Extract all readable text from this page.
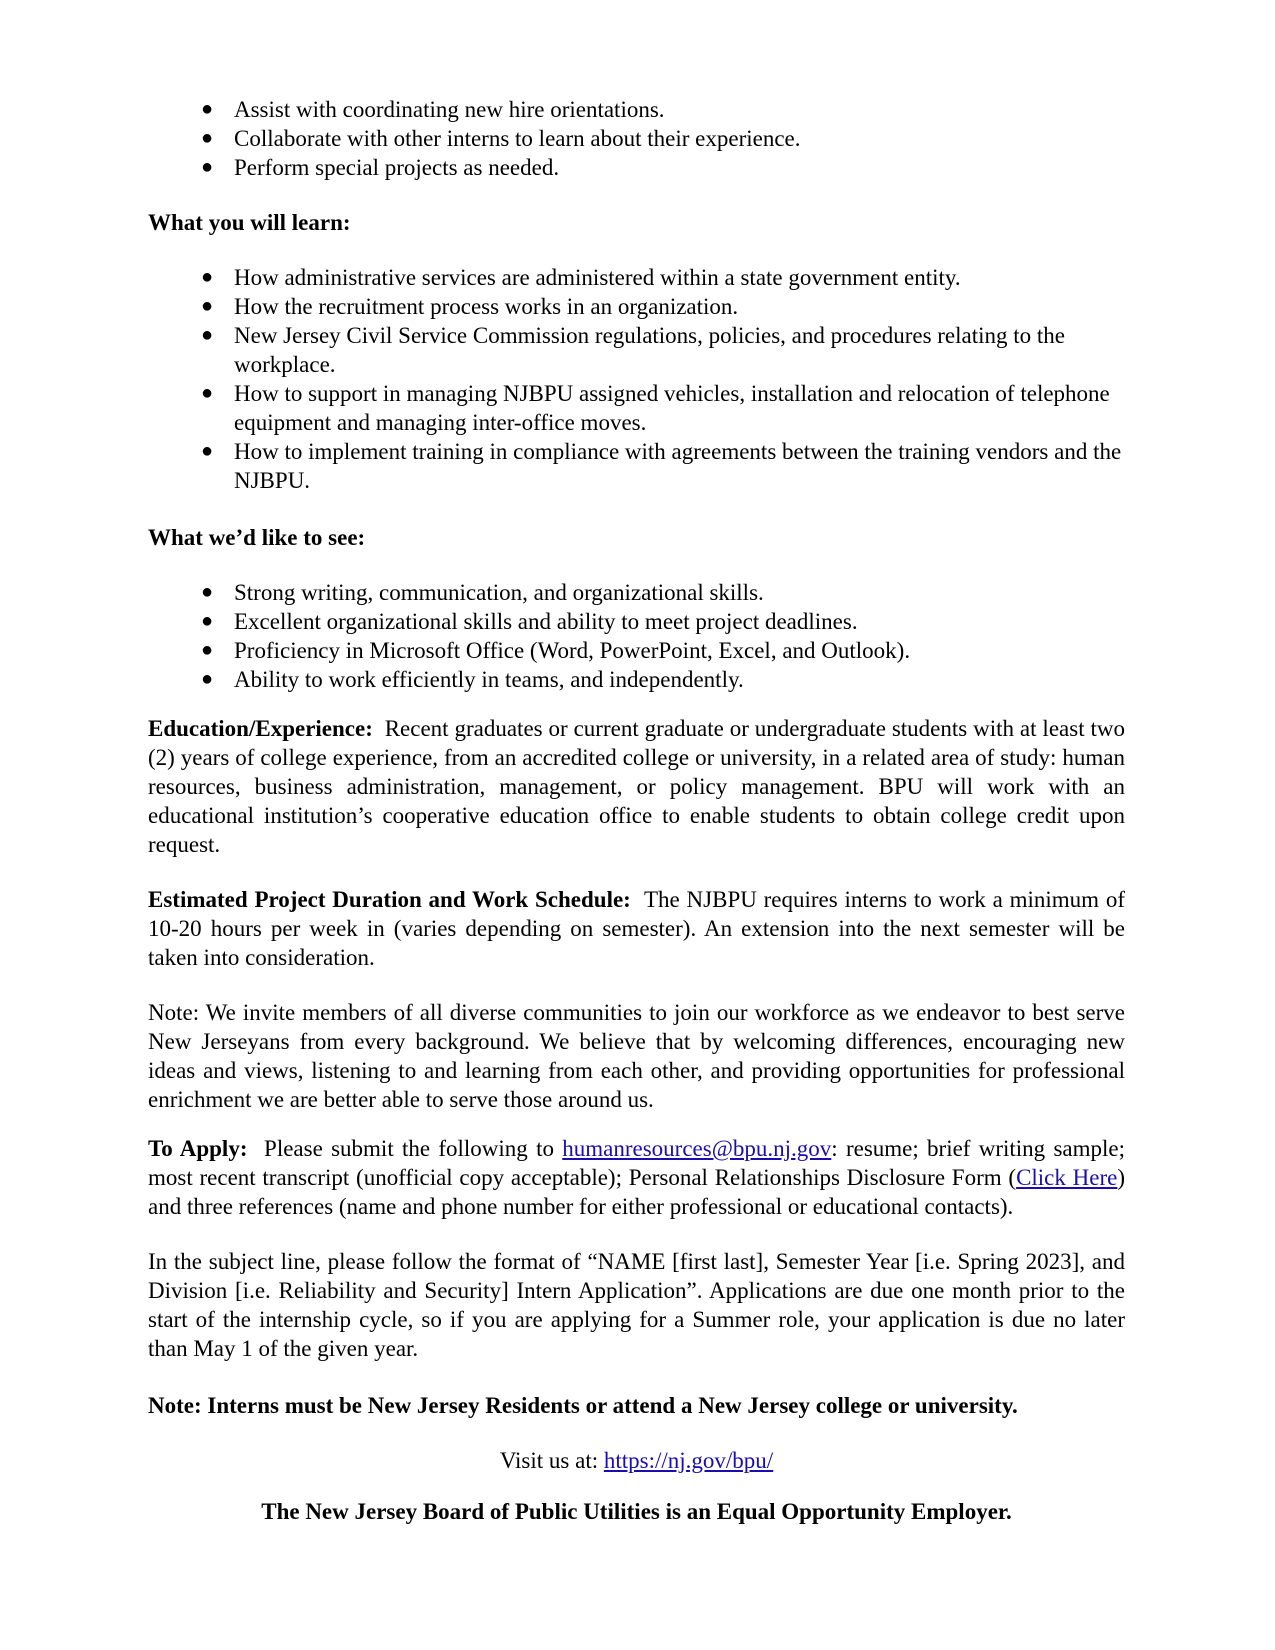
● Assist with coordinating new hire orientations.
● Collaborate with other interns to learn about their experience.
● Perform special projects as needed.

What you will learn:

● How administrative services are administered within a state government entity.
● How the recruitment process works in an organization.
● New Jersey Civil Service Commission regulations, policies, and procedures relating to the workplace.
● How to support in managing NJBPU assigned vehicles, installation and relocation of telephone equipment and managing inter-office moves.
● How to implement training in compliance with agreements between the training vendors and the NJBPU.

What we’d like to see:

● Strong writing, communication, and organizational skills.
● Excellent organizational skills and ability to meet project deadlines.
● Proficiency in Microsoft Office (Word, PowerPoint, Excel, and Outlook).
● Ability to work efficiently in teams, and independently.

Education/Experience: Recent graduates or current graduate or undergraduate students with at least two (2) years of college experience, from an accredited college or university, in a related area of study: human resources, business administration, management, or policy management. BPU will work with an educational institution’s cooperative education office to enable students to obtain college credit upon request.

Estimated Project Duration and Work Schedule: The NJBPU requires interns to work a minimum of 10-20 hours per week in (varies depending on semester). An extension into the next semester will be taken into consideration.

Note: We invite members of all diverse communities to join our workforce as we endeavor to best serve New Jerseyans from every background. We believe that by welcoming differences, encouraging new ideas and views, listening to and learning from each other, and providing opportunities for professional enrichment we are better able to serve those around us.

To Apply: Please submit the following to humanresources@bpu.nj.gov: resume; brief writing sample; most recent transcript (unofficial copy acceptable); Personal Relationships Disclosure Form (Click Here) and three references (name and phone number for either professional or educational contacts).

In the subject line, please follow the format of “NAME [first last], Semester Year [i.e. Spring 2023], and Division [i.e. Reliability and Security] Intern Application”. Applications are due one month prior to the start of the internship cycle, so if you are applying for a Summer role, your application is due no later than May 1 of the given year.

Note: Interns must be New Jersey Residents or attend a New Jersey college or university.

Visit us at: https://nj.gov/bpu/

The New Jersey Board of Public Utilities is an Equal Opportunity Employer.
